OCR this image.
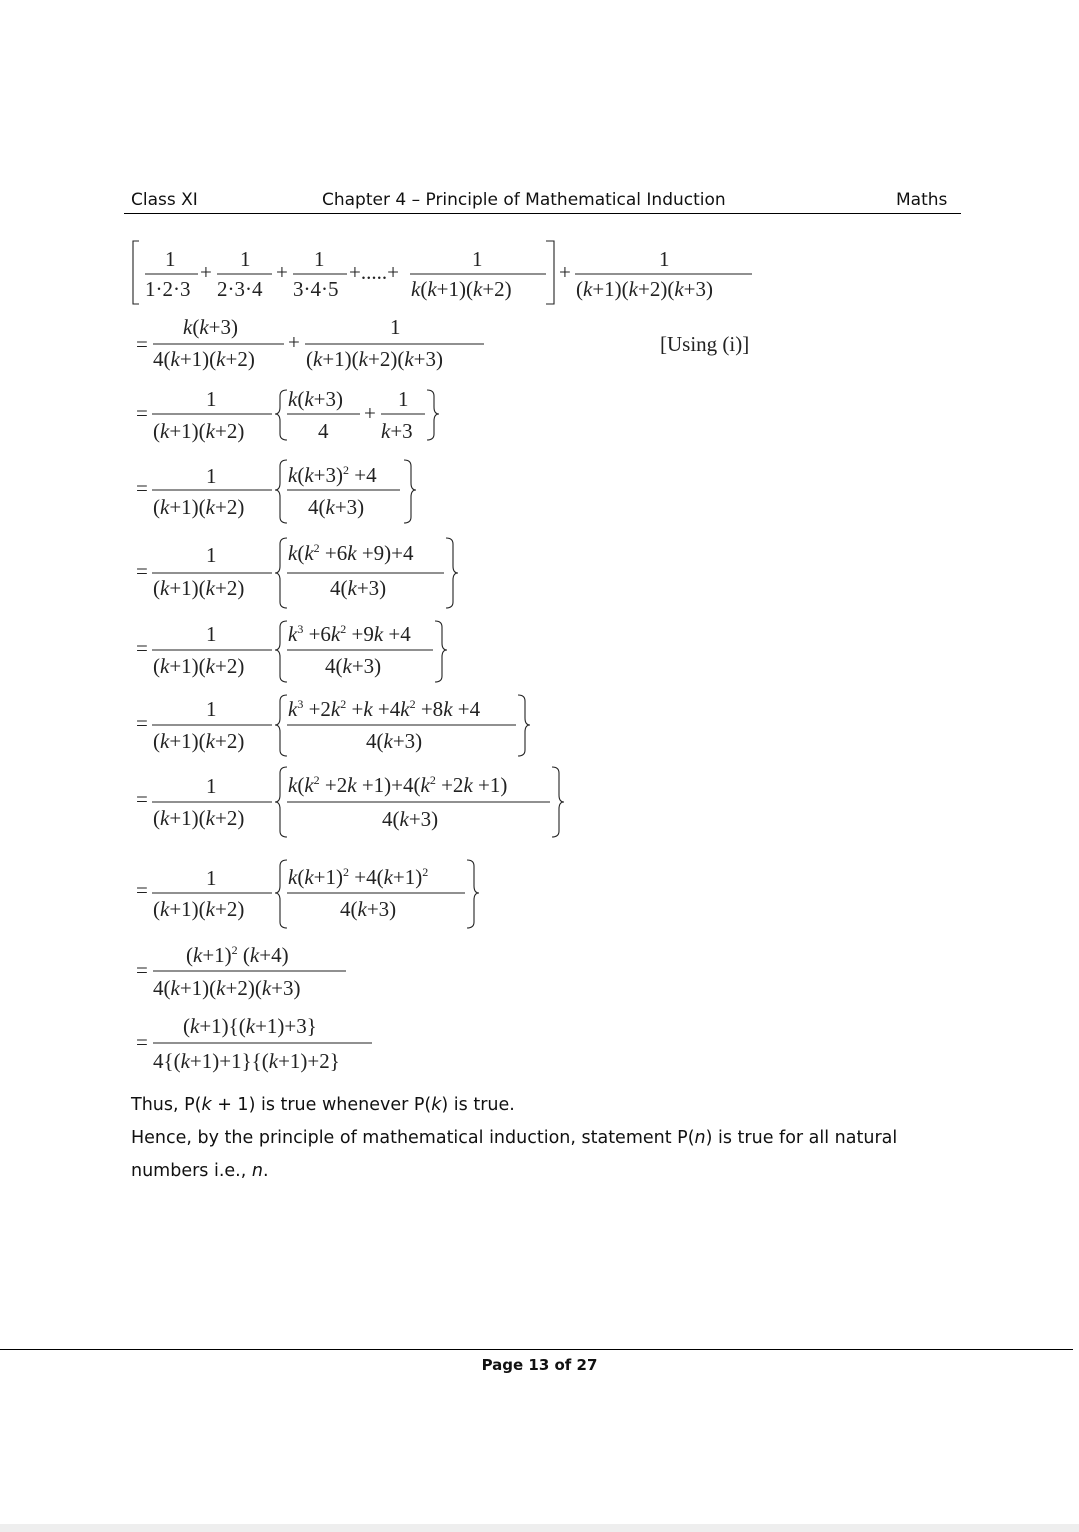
Class XI	Chapter 4 – Principle of Mathematical Induction	Maths
1
1·2·3
+
1
2·3·4
+
1
3·4·5
+.....+
1
k(k+1)(k+2)
+
1
(k+1)(k+2)(k+3)
=
k(k+3)
4(k+1)(k+2)
+
1
(k+1)(k+2)(k+3)
[Using (i)]
=
1
(k+1)(k+2)
k(k+3)
4
+
1
k+3
=	1
(k+1)(k+2)
$k(k+3)^2 +4$
4(k+3)
=
1
(k+1)(k+2)
$k(k^2 +6k +9)+4$
4(k+3)
=
1
(k+1)(k+2)
$k^3 +6k^2 +9k +4$
4(k+3)
=
1
(k+1)(k+2)
$k^3 +2k^2 +k +4k^2 +8k +4$
4(k+3)
=
1
(k+1)(k+2)
$k(k^2 +2k +1)+4(k^2 +2k +1)$
4(k+3)
=	1
(k+1)(k+2)
$k(k+1)^2 +4(k+1)^2$
4(k+3)
=
$(k+1)^2$ (k+4)
4(k+1)(k+2)(k+3)
=
(k+1){(k+1)+3}
4{(k+1)+1}{(k+1)+2}
Thus, P(k + 1) is true whenever P(k) is true.
Hence, by the principle of mathematical induction, statement P(n) is true for all natural
numbers i.e., n.
Page 13 of 27
